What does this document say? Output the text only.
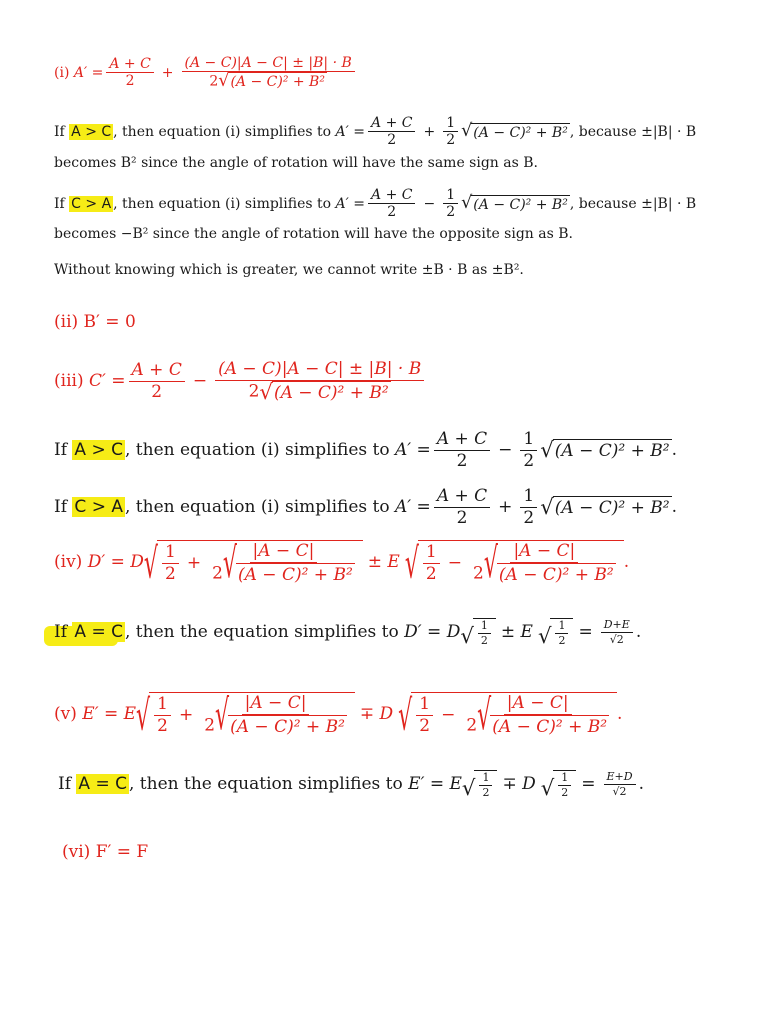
(i)
$A' = \frac{A + C}{2} + \frac{(A - C)|A - C| \pm |B| \cdot B}{\text{2 √ (A − C)² + B²}}$
If
A > C , then equation (i) simplifies to
$A' = \frac{A + C}{2} + \frac{1}{2}$ √ (A − C)² + B² , because ±|B| · B
becomes B² since the angle of rotation will have the same sign as B.
If
C > A , then equation (i) simplifies to
$A' = \frac{A + C}{2} - \frac{1}{2}$ √ (A − C)² + B² , because ±|B| · B
becomes −B² since the angle of rotation will have the opposite sign as B.
Without knowing which is greater, we cannot write ±B · B as ±B².
(ii) B′ = 0
(iii)
$C' = \frac{A + C}{2} - \frac{(A - C)|A - C| \pm |B| \cdot B}{\text{2 √ (A − C)² + B²}}$
If
A > C , then equation (i) simplifies to
$A' = \frac{A + C}{2} - \frac{1}{2}$ √ (A − C)² + B² .
If
C > A , then equation (i) simplifies to
$A' = \frac{A + C}{2} + \frac{1}{2}$ √ (A − C)² + B² .
(iv)
D′ = D √ $\frac{1}{2} + \frac{|A - C|}{\text{2 √ (A − C)² + B²}} \pm E$ √ $\frac{1}{2} - \frac{|A - C|}{\text{2 √ (A − C)² + B²}}$ .
If
A = C , then the equation simplifies to
D′ = D √ $\frac{1}{2} \pm E$ √ $\frac{1}{2} = \frac{D+E}{√2}$ .
(v)
E′ = E √ $\frac{1}{2} + \frac{|A - C|}{\text{2 √ (A − C)² + B²}} \mp D$ √ $\frac{1}{2} - \frac{|A - C|}{\text{2 √ (A − C)² + B²}}$ .
If
A = C , then the equation simplifies to
E′ = E √ $\frac{1}{2} \mp D$ √ $\frac{1}{2} = \frac{E+D}{√2}$ .
(vi) F′ = F
